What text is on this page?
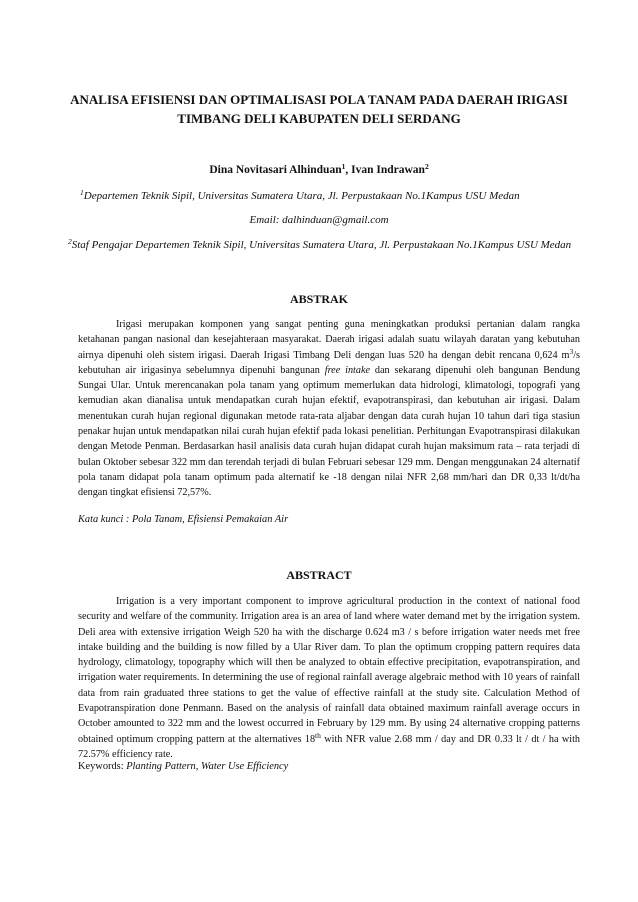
ANALISA EFISIENSI DAN OPTIMALISASI POLA TANAM PADA DAERAH IRIGASI
TIMBANG DELI KABUPATEN DELI SERDANG
Dina Novitasari Alhinduan$^1$, Ivan Indrawan$^2$
$^1$Departemen Teknik Sipil, Universitas Sumatera Utara, Jl. Perpustakaan No.1Kampus USU Medan
Email: dalhinduan@gmail.com
$^2$Staf Pengajar Departemen Teknik Sipil, Universitas Sumatera Utara, Jl. Perpustakaan No.1Kampus USU Medan
ABSTRAK
Irigasi merupakan komponen yang sangat penting guna meningkatkan produksi pertanian dalam rangka ketahanan pangan nasional dan kesejahteraan masyarakat. Daerah irigasi adalah suatu wilayah daratan yang kebutuhan airnya dipenuhi oleh sistem irigasi. Daerah Irigasi Timbang Deli dengan luas 520 ha dengan debit rencana 0,624 $m^3/s$ kebutuhan air irigasinya sebelumnya dipenuhi bangunan free intake dan sekarang dipenuhi oleh bangunan Bendung Sungai Ular. Untuk merencanakan pola tanam yang optimum memerlukan data hidrologi, klimatologi, topografi yang kemudian akan dianalisa untuk mendapatkan curah hujan efektif, evapotranspirasi, dan kebutuhan air irigasi. Dalam menentukan curah hujan regional digunakan metode rata-rata aljabar dengan data curah hujan 10 tahun dari tiga stasiun penakar hujan untuk mendapatkan nilai curah hujan efektif pada lokasi penelitian. Perhitungan Evapotranspirasi dilakukan dengan Metode Penman. Berdasarkan hasil analisis data curah hujan didapat curah hujan maksimum rata – rata terjadi di bulan Oktober sebesar 322 mm dan terendah terjadi di bulan Februari sebesar 129 mm. Dengan menggunakan 24 alternatif pola tanam didapat pola tanam optimum pada alternatif ke -18 dengan nilai NFR 2,68 mm/hari dan DR 0,33 lt/dt/ha dengan tingkat efisiensi 72,57%.
Kata kunci : Pola Tanam, Efisiensi Pemakaian Air
ABSTRACT
Irrigation is a very important component to improve agricultural production in the context of national food security and welfare of the community. Irrigation area is an area of land where water demand met by the irrigation system. Deli area with extensive irrigation Weigh 520 ha with the discharge 0.624 m3 / s before irrigation water needs met free intake building and the building is now filled by a Ular River dam. To plan the optimum cropping pattern requires data hydrology, climatology, topography which will then be analyzed to obtain effective precipitation, evapotranspiration, and irrigation water requirements. In determining the use of regional rainfall average algebraic method with 10 years of rainfall data from rain graduated three stations to get the value of effective rainfall at the study site. Calculation Method of Evapotranspiration done Penmann. Based on the analysis of rainfall data obtained maximum rainfall average occurs in October amounted to 322 mm and the lowest occurred in February by 129 mm. By using 24 alternative cropping patterns obtained optimum cropping pattern at the alternatives 18th with NFR value 2.68 mm / day and DR 0.33 lt / dt / ha with 72.57% efficiency rate.
Keywords: Planting Pattern, Water Use Efficiency
